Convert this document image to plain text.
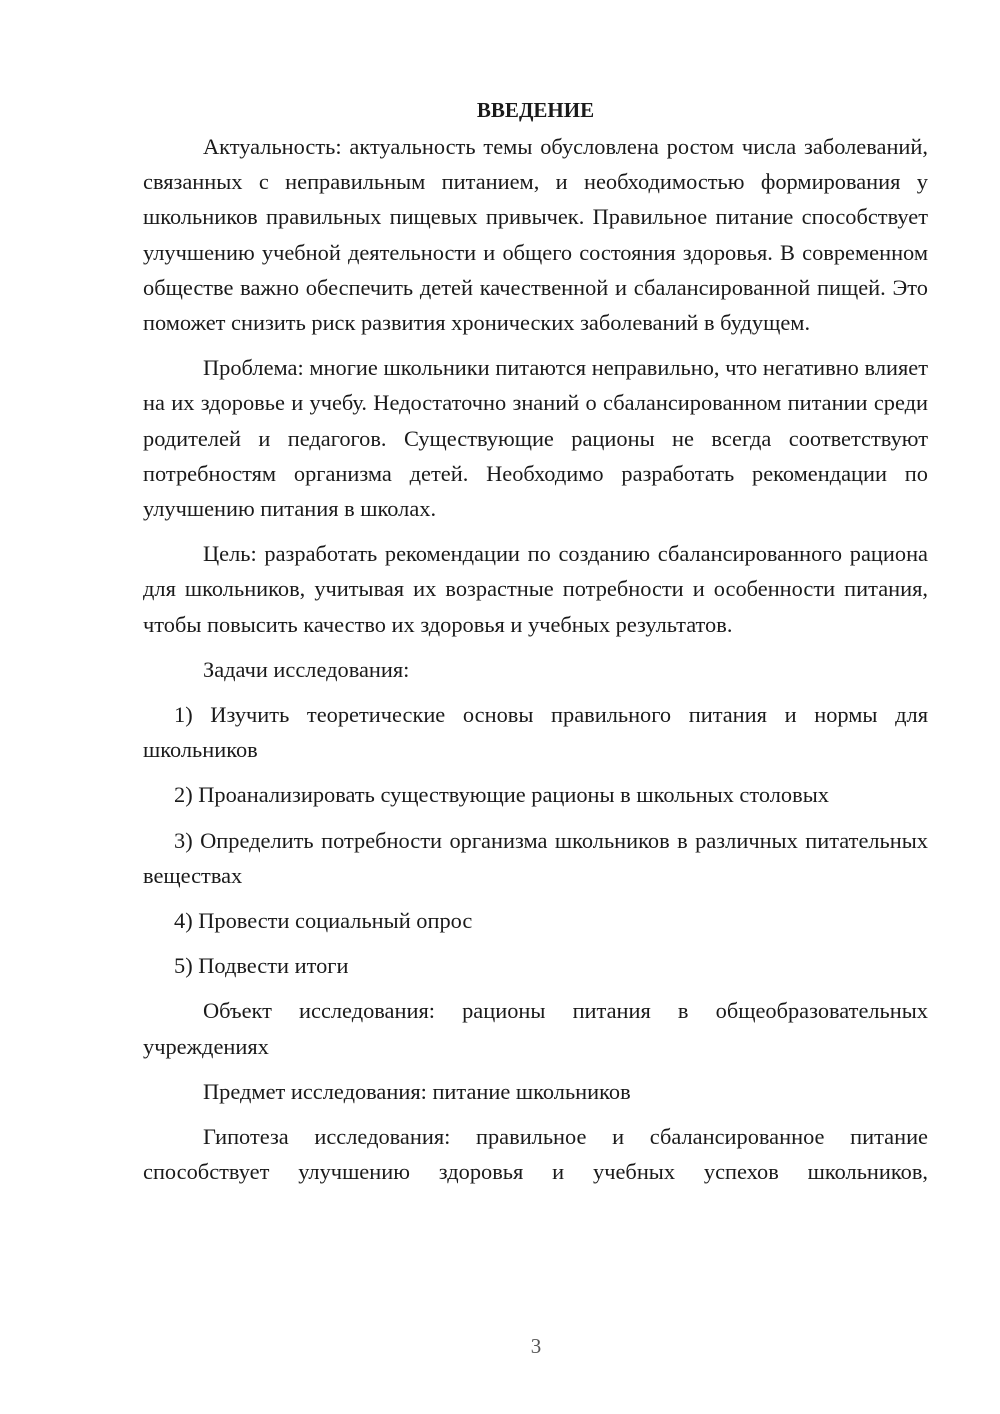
ВВЕДЕНИЕ

Актуальность: актуальность темы обусловлена ростом числа заболеваний, связанных с неправильным питанием, и необходимостью формирования у школьников правильных пищевых привычек. Правильное питание способствует улучшению учебной деятельности и общего состояния здоровья. В современном обществе важно обеспечить детей качественной и сбалансированной пищей. Это поможет снизить риск развития хронических заболеваний в будущем.

Проблема: многие школьники питаются неправильно, что негативно влияет на их здоровье и учебу. Недостаточно знаний о сбалансированном питании среди родителей и педагогов. Существующие рационы не всегда соответствуют потребностям организма детей. Необходимо разработать рекомендации по улучшению питания в школах.

Цель: разработать рекомендации по созданию сбалансированного рациона для школьников, учитывая их возрастные потребности и особенности питания, чтобы повысить качество их здоровья и учебных результатов.

Задачи исследования:

1) Изучить теоретические основы правильного питания и нормы для школьников

2) Проанализировать существующие рационы в школьных столовых

3) Определить потребности организма школьников в различных питательных веществах

4) Провести социальный опрос

5) Подвести итоги

Объект исследования: рационы питания в общеобразовательных учреждениях

Предмет исследования: питание школьников

Гипотеза исследования: правильное и сбалансированное питание способствует улучшению здоровья и учебных успехов школьников,

3
